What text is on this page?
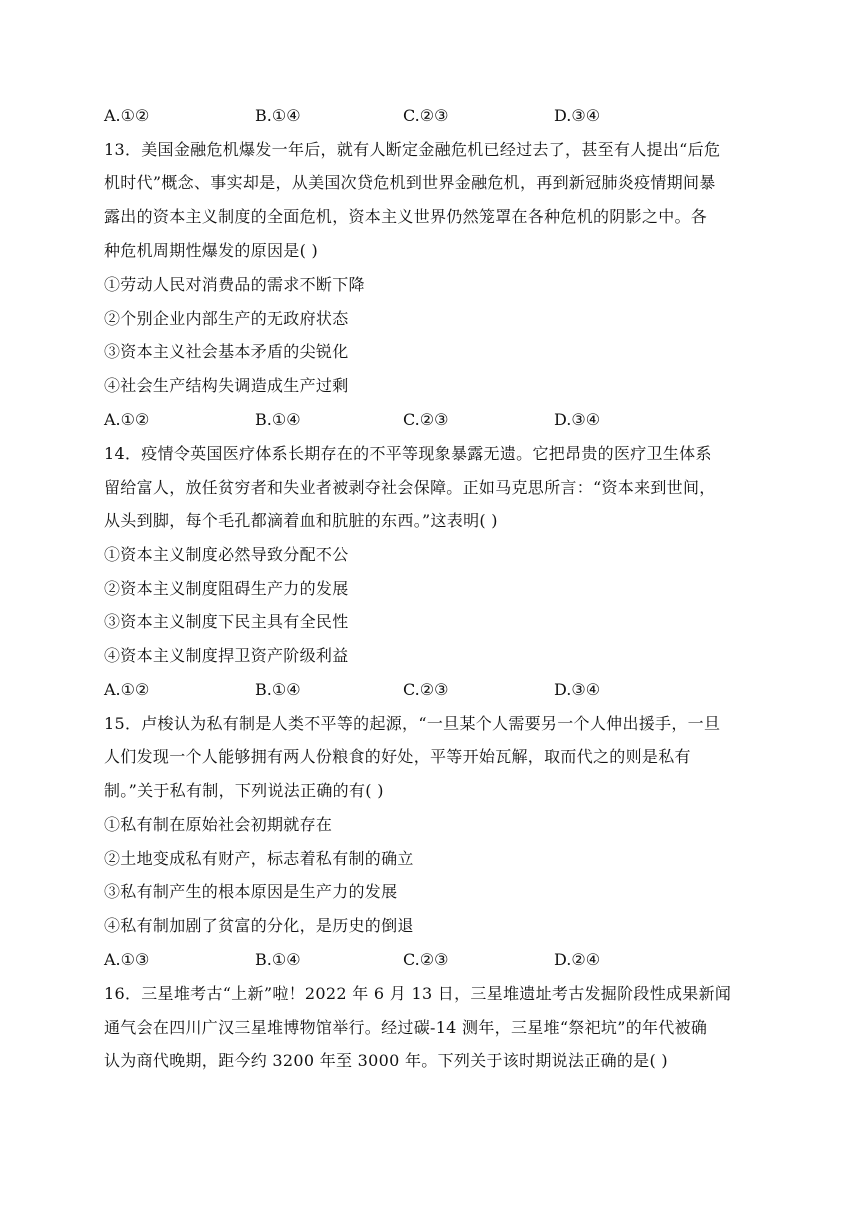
A.①②	B.①④	C.②③	D.③④
13．美国金融危机爆发一年后，就有人断定金融危机已经过去了，甚至有人提出“后危
机时代”概念、事实却是，从美国次贷危机到世界金融危机，再到新冠肺炎疫情期间暴
露出的资本主义制度的全面危机，资本主义世界仍然笼罩在各种危机的阴影之中。各
种危机周期性爆发的原因是( )
①劳动人民对消费品的需求不断下降
②个别企业内部生产的无政府状态
③资本主义社会基本矛盾的尖锐化
④社会生产结构失调造成生产过剩
A.①②	B.①④	C.②③	D.③④
14．疫情令英国医疗体系长期存在的不平等现象暴露无遗。它把昂贵的医疗卫生体系
留给富人，放任贫穷者和失业者被剥夺社会保障。正如马克思所言：“资本来到世间，
从头到脚，每个毛孔都滴着血和肮脏的东西。”这表明( )
①资本主义制度必然导致分配不公
②资本主义制度阻碍生产力的发展
③资本主义制度下民主具有全民性
④资本主义制度捍卫资产阶级利益
A.①②	B.①④	C.②③	D.③④
15．卢梭认为私有制是人类不平等的起源，“一旦某个人需要另一个人伸出援手，一旦
人们发现一个人能够拥有两人份粮食的好处，平等开始瓦解，取而代之的则是私有
制。”关于私有制，下列说法正确的有( )
①私有制在原始社会初期就存在
②土地变成私有财产，标志着私有制的确立
③私有制产生的根本原因是生产力的发展
④私有制加剧了贫富的分化，是历史的倒退
A.①③	B.①④	C.②③	D.②④
16．三星堆考古“上新”啦！2022 年 6 月 13 日，三星堆遗址考古发掘阶段性成果新闻
通气会在四川广汉三星堆博物馆举行。经过碳-14 测年，三星堆“祭祀坑”的年代被确
认为商代晚期，距今约 3200 年至 3000 年。下列关于该时期说法正确的是( )
